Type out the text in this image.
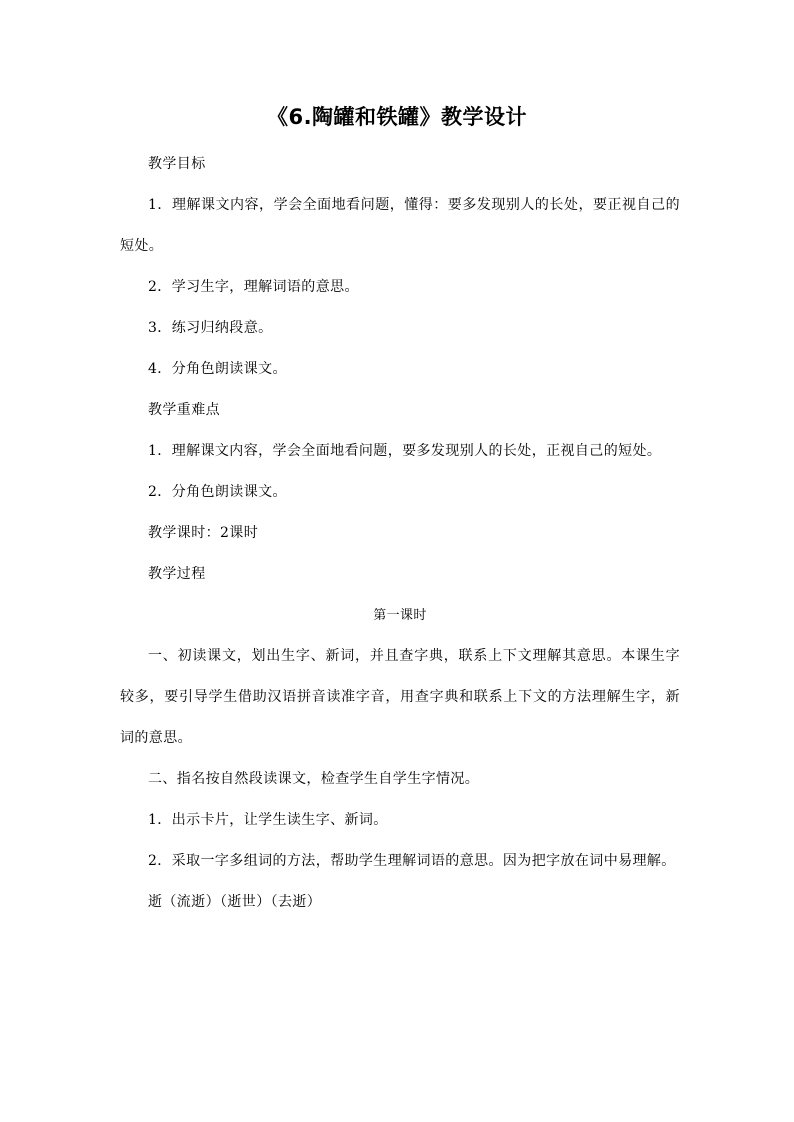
《6.陶罐和铁罐》教学设计

教学目标

1．理解课文内容，学会全面地看问题，懂得：要多发现别人的长处，要正视自己的短处。

2．学习生字，理解词语的意思。

3．练习归纳段意。

4．分角色朗读课文。

教学重难点

1．理解课文内容，学会全面地看问题，要多发现别人的长处，正视自己的短处。

2．分角色朗读课文。

教学课时：2课时

教学过程

第一课时

一、初读课文，划出生字、新词，并且查字典，联系上下文理解其意思。本课生字较多，要引导学生借助汉语拼音读准字音，用查字典和联系上下文的方法理解生字，新词的意思。

二、指名按自然段读课文，检查学生自学生字情况。

1．出示卡片，让学生读生字、新词。

2．采取一字多组词的方法，帮助学生理解词语的意思。因为把字放在词中易理解。

逝（流逝）（逝世）（去逝）
